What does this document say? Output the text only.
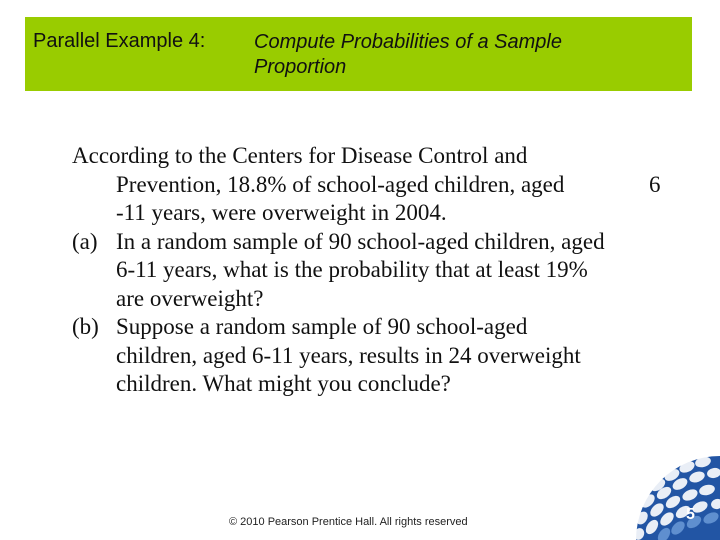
Parallel Example 4: Compute Probabilities of a Sample
Proportion
According to the Centers for Disease Control and
Prevention, 18.8% of school-aged children, aged	6
-11 years, were overweight in 2004.
(a) In a random sample of 90 school-aged children, aged
6-11 years, what is the probability that at least 19%
are overweight?
(b) Suppose a random sample of 90 school-aged
children, aged 6-11 years, results in 24 overweight
children. What might you conclude?
© 2010 Pearson Prentice Hall. All rights reserved	5
